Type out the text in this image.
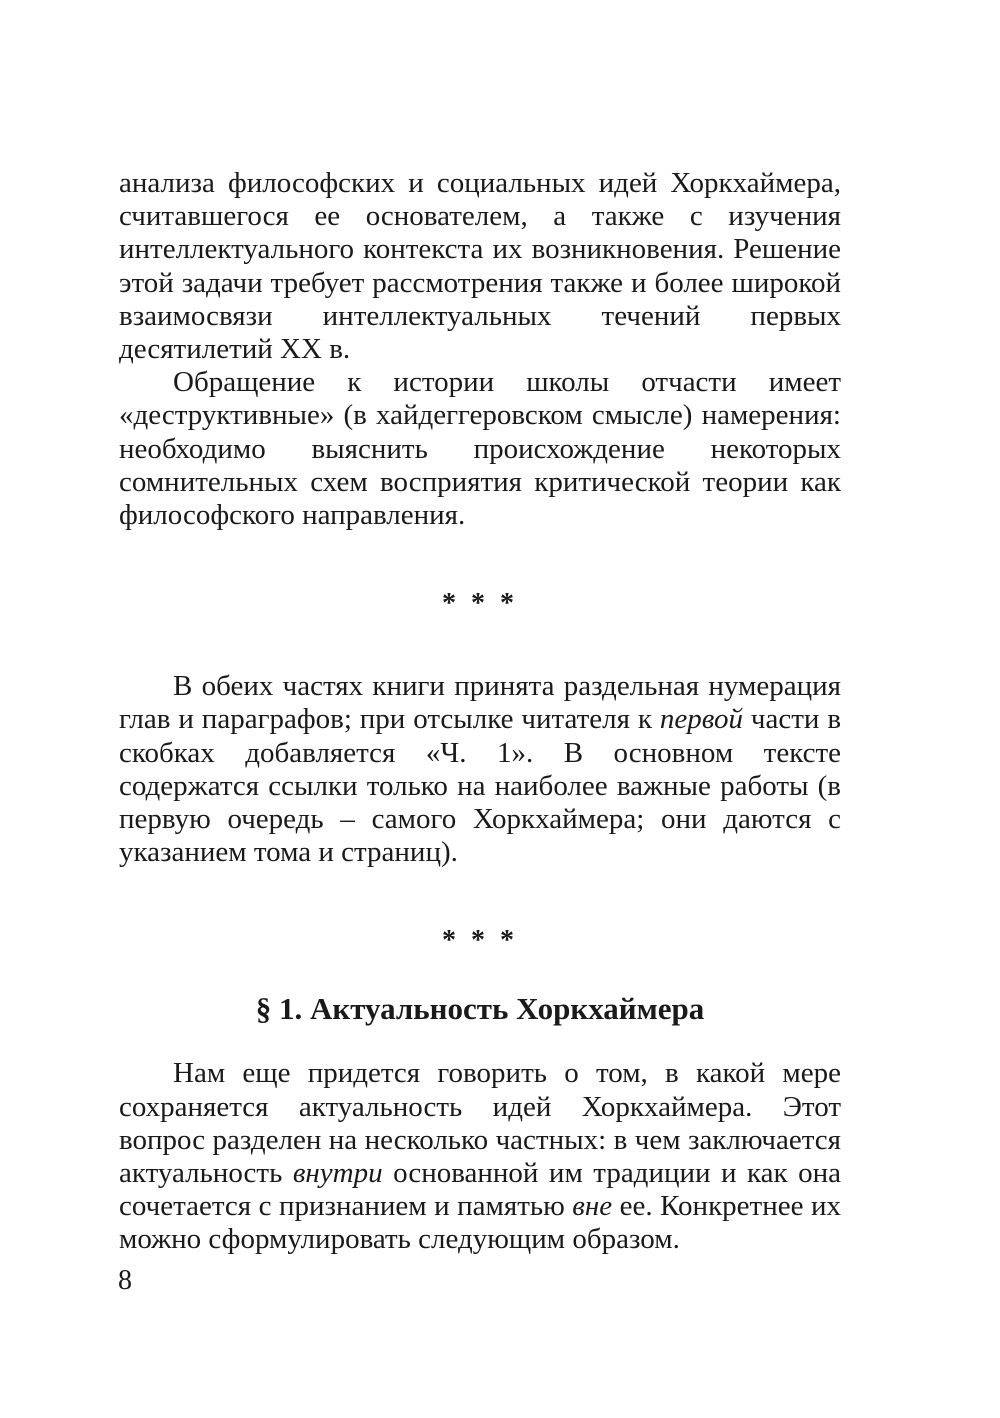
анализа философских и социальных идей Хоркхаймера, считавшегося ее основателем, а также с изучения интеллектуального контекста их возникновения. Решение этой задачи требует рассмотрения также и более широкой взаимосвязи интеллектуальных течений первых десятилетий XX в.

Обращение к истории школы отчасти имеет «деструктивные» (в хайдеггеровском смысле) намерения: необходимо выяснить происхождение некоторых сомнительных схем восприятия критической теории как философского направления.

* * *

В обеих частях книги принята раздельная нумерация глав и параграфов; при отсылке читателя к первой части в скобках добавляется «Ч. 1». В основном тексте содержатся ссылки только на наиболее важные работы (в первую очередь – самого Хоркхаймера; они даются с указанием тома и страниц).

* * *

§ 1. Актуальность Хоркхаймера

Нам еще придется говорить о том, в какой мере сохраняется актуальность идей Хоркхаймера. Этот вопрос разделен на несколько частных: в чем заключается актуальность внутри основанной им традиции и как она сочетается с признанием и памятью вне ее. Конкретнее их можно сформулировать следующим образом.

8
